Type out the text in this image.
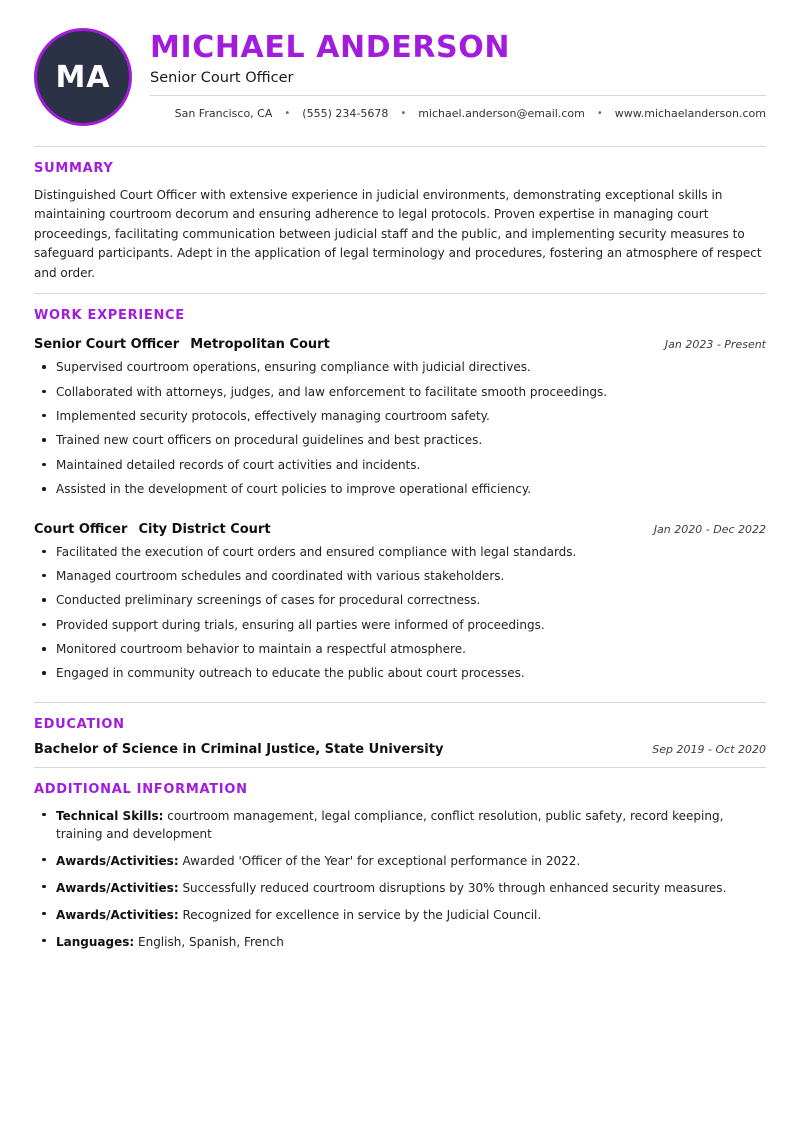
MA
MICHAEL ANDERSON
Senior Court Officer
San Francisco, CA	•	(555) 234-5678	•	michael.anderson@email.com	•	www.michaelanderson.com
SUMMARY

Distinguished Court Officer with extensive experience in judicial environments, demonstrating exceptional skills in maintaining courtroom decorum and ensuring adherence to legal protocols. Proven expertise in managing court proceedings, facilitating communication between judicial staff and the public, and implementing security measures to safeguard participants. Adept in the application of legal terminology and procedures, fostering an atmosphere of respect and order.

WORK EXPERIENCE
Senior Court Officer Metropolitan Court	Jan 2023 - Present
Supervised courtroom operations, ensuring compliance with judicial directives.
Collaborated with attorneys, judges, and law enforcement to facilitate smooth proceedings.
Implemented security protocols, effectively managing courtroom safety.
Trained new court officers on procedural guidelines and best practices.
Maintained detailed records of court activities and incidents.
Assisted in the development of court policies to improve operational efficiency.
Court Officer City District Court	Jan 2020 - Dec 2022
Facilitated the execution of court orders and ensured compliance with legal standards.
Managed courtroom schedules and coordinated with various stakeholders.
Conducted preliminary screenings of cases for procedural correctness.
Provided support during trials, ensuring all parties were informed of proceedings.
Monitored courtroom behavior to maintain a respectful atmosphere.
Engaged in community outreach to educate the public about court processes.
EDUCATION
Bachelor of Science in Criminal Justice, State University	Sep 2019 - Oct 2020
ADDITIONAL INFORMATION
Technical Skills: courtroom management, legal compliance, conflict resolution, public safety, record keeping, training and development
Awards/Activities: Awarded 'Officer of the Year' for exceptional performance in 2022.
Awards/Activities: Successfully reduced courtroom disruptions by 30% through enhanced security measures.
Awards/Activities: Recognized for excellence in service by the Judicial Council.
Languages: English, Spanish, French
